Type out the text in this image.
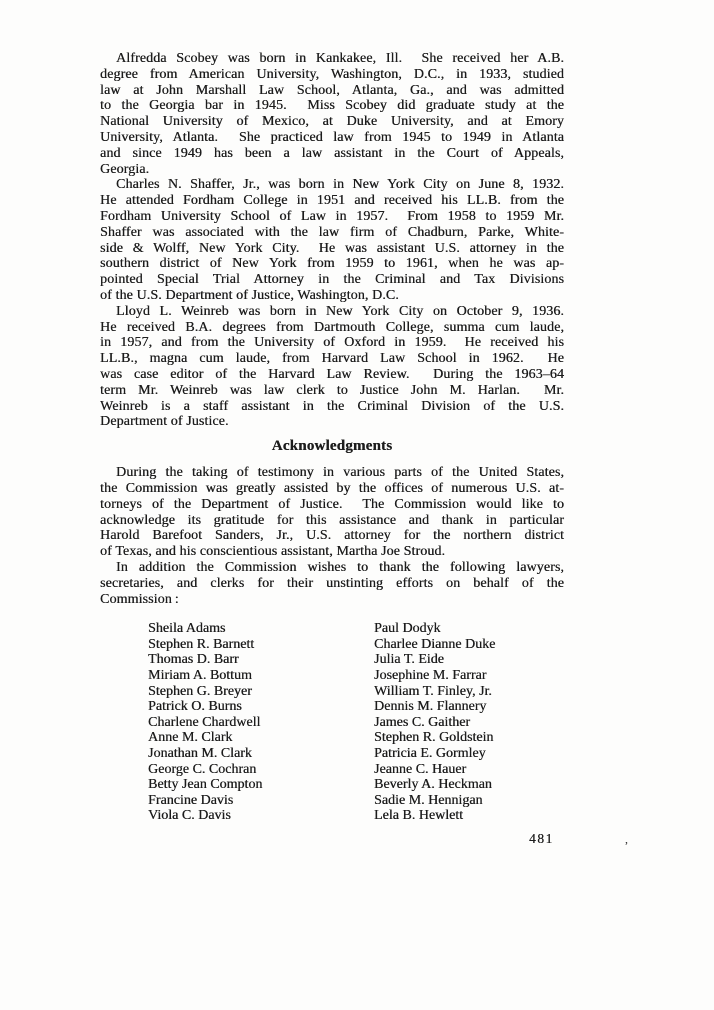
Alfredda Scobey was born in Kankakee, Ill.  She received her A.B.
degree from American University, Washington, D.C., in 1933, studied
law at John Marshall Law School, Atlanta, Ga., and was admitted
to the Georgia bar in 1945.  Miss Scobey did graduate study at the
National University of Mexico, at Duke University, and at Emory
University, Atlanta.  She practiced law from 1945 to 1949 in Atlanta
and since 1949 has been a law assistant in the Court of Appeals,
Georgia.

Charles N. Shaffer, Jr., was born in New York City on June 8, 1932.
He attended Fordham College in 1951 and received his LL.B. from the
Fordham University School of Law in 1957.  From 1958 to 1959 Mr.
Shaffer was associated with the law firm of Chadburn, Parke, White-
side & Wolff, New York City.  He was assistant U.S. attorney in the
southern district of New York from 1959 to 1961, when he was ap-
pointed Special Trial Attorney in the Criminal and Tax Divisions
of the U.S. Department of Justice, Washington, D.C.

Lloyd L. Weinreb was born in New York City on October 9, 1936.
He received B.A. degrees from Dartmouth College, summa cum laude,
in 1957, and from the University of Oxford in 1959.  He received his
LL.B., magna cum laude, from Harvard Law School in 1962.  He
was case editor of the Harvard Law Review.  During the 1963–64
term Mr. Weinreb was law clerk to Justice John M. Harlan.  Mr.
Weinreb is a staff assistant in the Criminal Division of the U.S.
Department of Justice.

Acknowledgments

During the taking of testimony in various parts of the United States,
the Commission was greatly assisted by the offices of numerous U.S. at-
torneys of the Department of Justice.  The Commission would like to
acknowledge its gratitude for this assistance and thank in particular
Harold Barefoot Sanders, Jr., U.S. attorney for the northern district
of Texas, and his conscientious assistant, Martha Joe Stroud.

In addition the Commission wishes to thank the following lawyers,
secretaries, and clerks for their unstinting efforts on behalf of the
Commission :

Sheila Adams
Stephen R. Barnett
Thomas D. Barr
Miriam A. Bottum
Stephen G. Breyer
Patrick O. Burns
Charlene Chardwell
Anne M. Clark
Jonathan M. Clark
George C. Cochran
Betty Jean Compton
Francine Davis
Viola C. Davis
Paul Dodyk
Charlee Dianne Duke
Julia T. Eide
Josephine M. Farrar
William T. Finley, Jr.
Dennis M. Flannery
James C. Gaither
Stephen R. Goldstein
Patricia E. Gormley
Jeanne C. Hauer
Beverly A. Heckman
Sadie M. Hennigan
Lela B. Hewlett
481	,
